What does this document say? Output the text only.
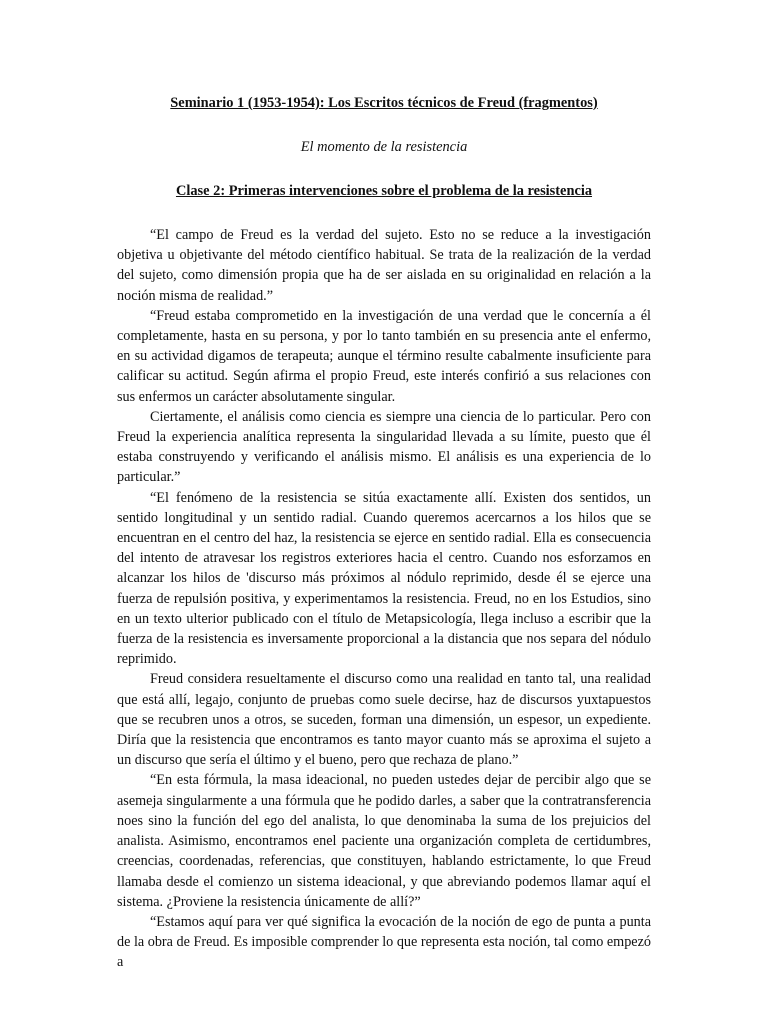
Seminario 1 (1953-1954): Los Escritos técnicos de Freud (fragmentos)

El momento de la resistencia

Clase 2: Primeras intervenciones sobre el problema de la resistencia

“El campo de Freud es la verdad del sujeto. Esto no se reduce a la investigación objetiva u objetivante del método científico habitual. Se trata de la realización de la verdad del sujeto, como dimensión propia que ha de ser aislada en su originalidad en relación a la noción misma de realidad.”

“Freud estaba comprometido en la investigación de una verdad que le concernía a él completamente, hasta en su persona, y por lo tanto también en su presencia ante el enfermo, en su actividad digamos de terapeuta; aunque el término resulte cabalmente insuficiente para calificar su actitud. Según afirma el propio Freud, este interés confirió a sus relaciones con sus enfermos un carácter absolutamente singular.

Ciertamente, el análisis como ciencia es siempre una ciencia de lo particular. Pero con Freud la experiencia analítica representa la singularidad llevada a su límite, puesto que él estaba construyendo y verificando el análisis mismo. El análisis es una experiencia de lo particular.”

“El fenómeno de la resistencia se sitúa exactamente allí. Existen dos sentidos, un sentido longitudinal y un sentido radial. Cuando queremos acercarnos a los hilos que se encuentran en el centro del haz, la resistencia se ejerce en sentido radial. Ella es consecuencia del intento de atravesar los registros exteriores hacia el centro. Cuando nos esforzamos en alcanzar los hilos de 'discurso más próximos al nódulo reprimido, desde él se ejerce una fuerza de repulsión positiva, y experimentamos la resistencia. Freud, no en los Estudios, sino en un texto ulterior publicado con el título de Metapsicología, llega incluso a escribir que la fuerza de la resistencia es inversamente proporcional a la distancia que nos separa del nódulo reprimido.

Freud considera resueltamente el discurso como una realidad en tanto tal, una realidad que está allí, legajo, conjunto de pruebas como suele decirse, haz de discursos yuxtapuestos que se recubren unos a otros, se suceden, forman una dimensión, un espesor, un expediente. Diría que la resistencia que encontramos es tanto mayor cuanto más se aproxima el sujeto a un discurso que sería el último y el bueno, pero que rechaza de plano.”

“En esta fórmula, la masa ideacional, no pueden ustedes dejar de percibir algo que se asemeja singularmente a una fórmula que he podido darles, a saber que la contratransferencia noes sino la función del ego del analista, lo que denominaba la suma de los prejuicios del analista. Asimismo, encontramos enel paciente una organización completa de certidumbres, creencias, coordenadas, referencias, que constituyen, hablando estrictamente, lo que Freud llamaba desde el comienzo un sistema ideacional, y que abreviando podemos llamar aquí el sistema. ¿Proviene la resistencia únicamente de allí?”

“Estamos aquí para ver qué significa la evocación de la noción de ego de punta a punta de la obra de Freud. Es imposible comprender lo que representa esta noción, tal como empezó a
